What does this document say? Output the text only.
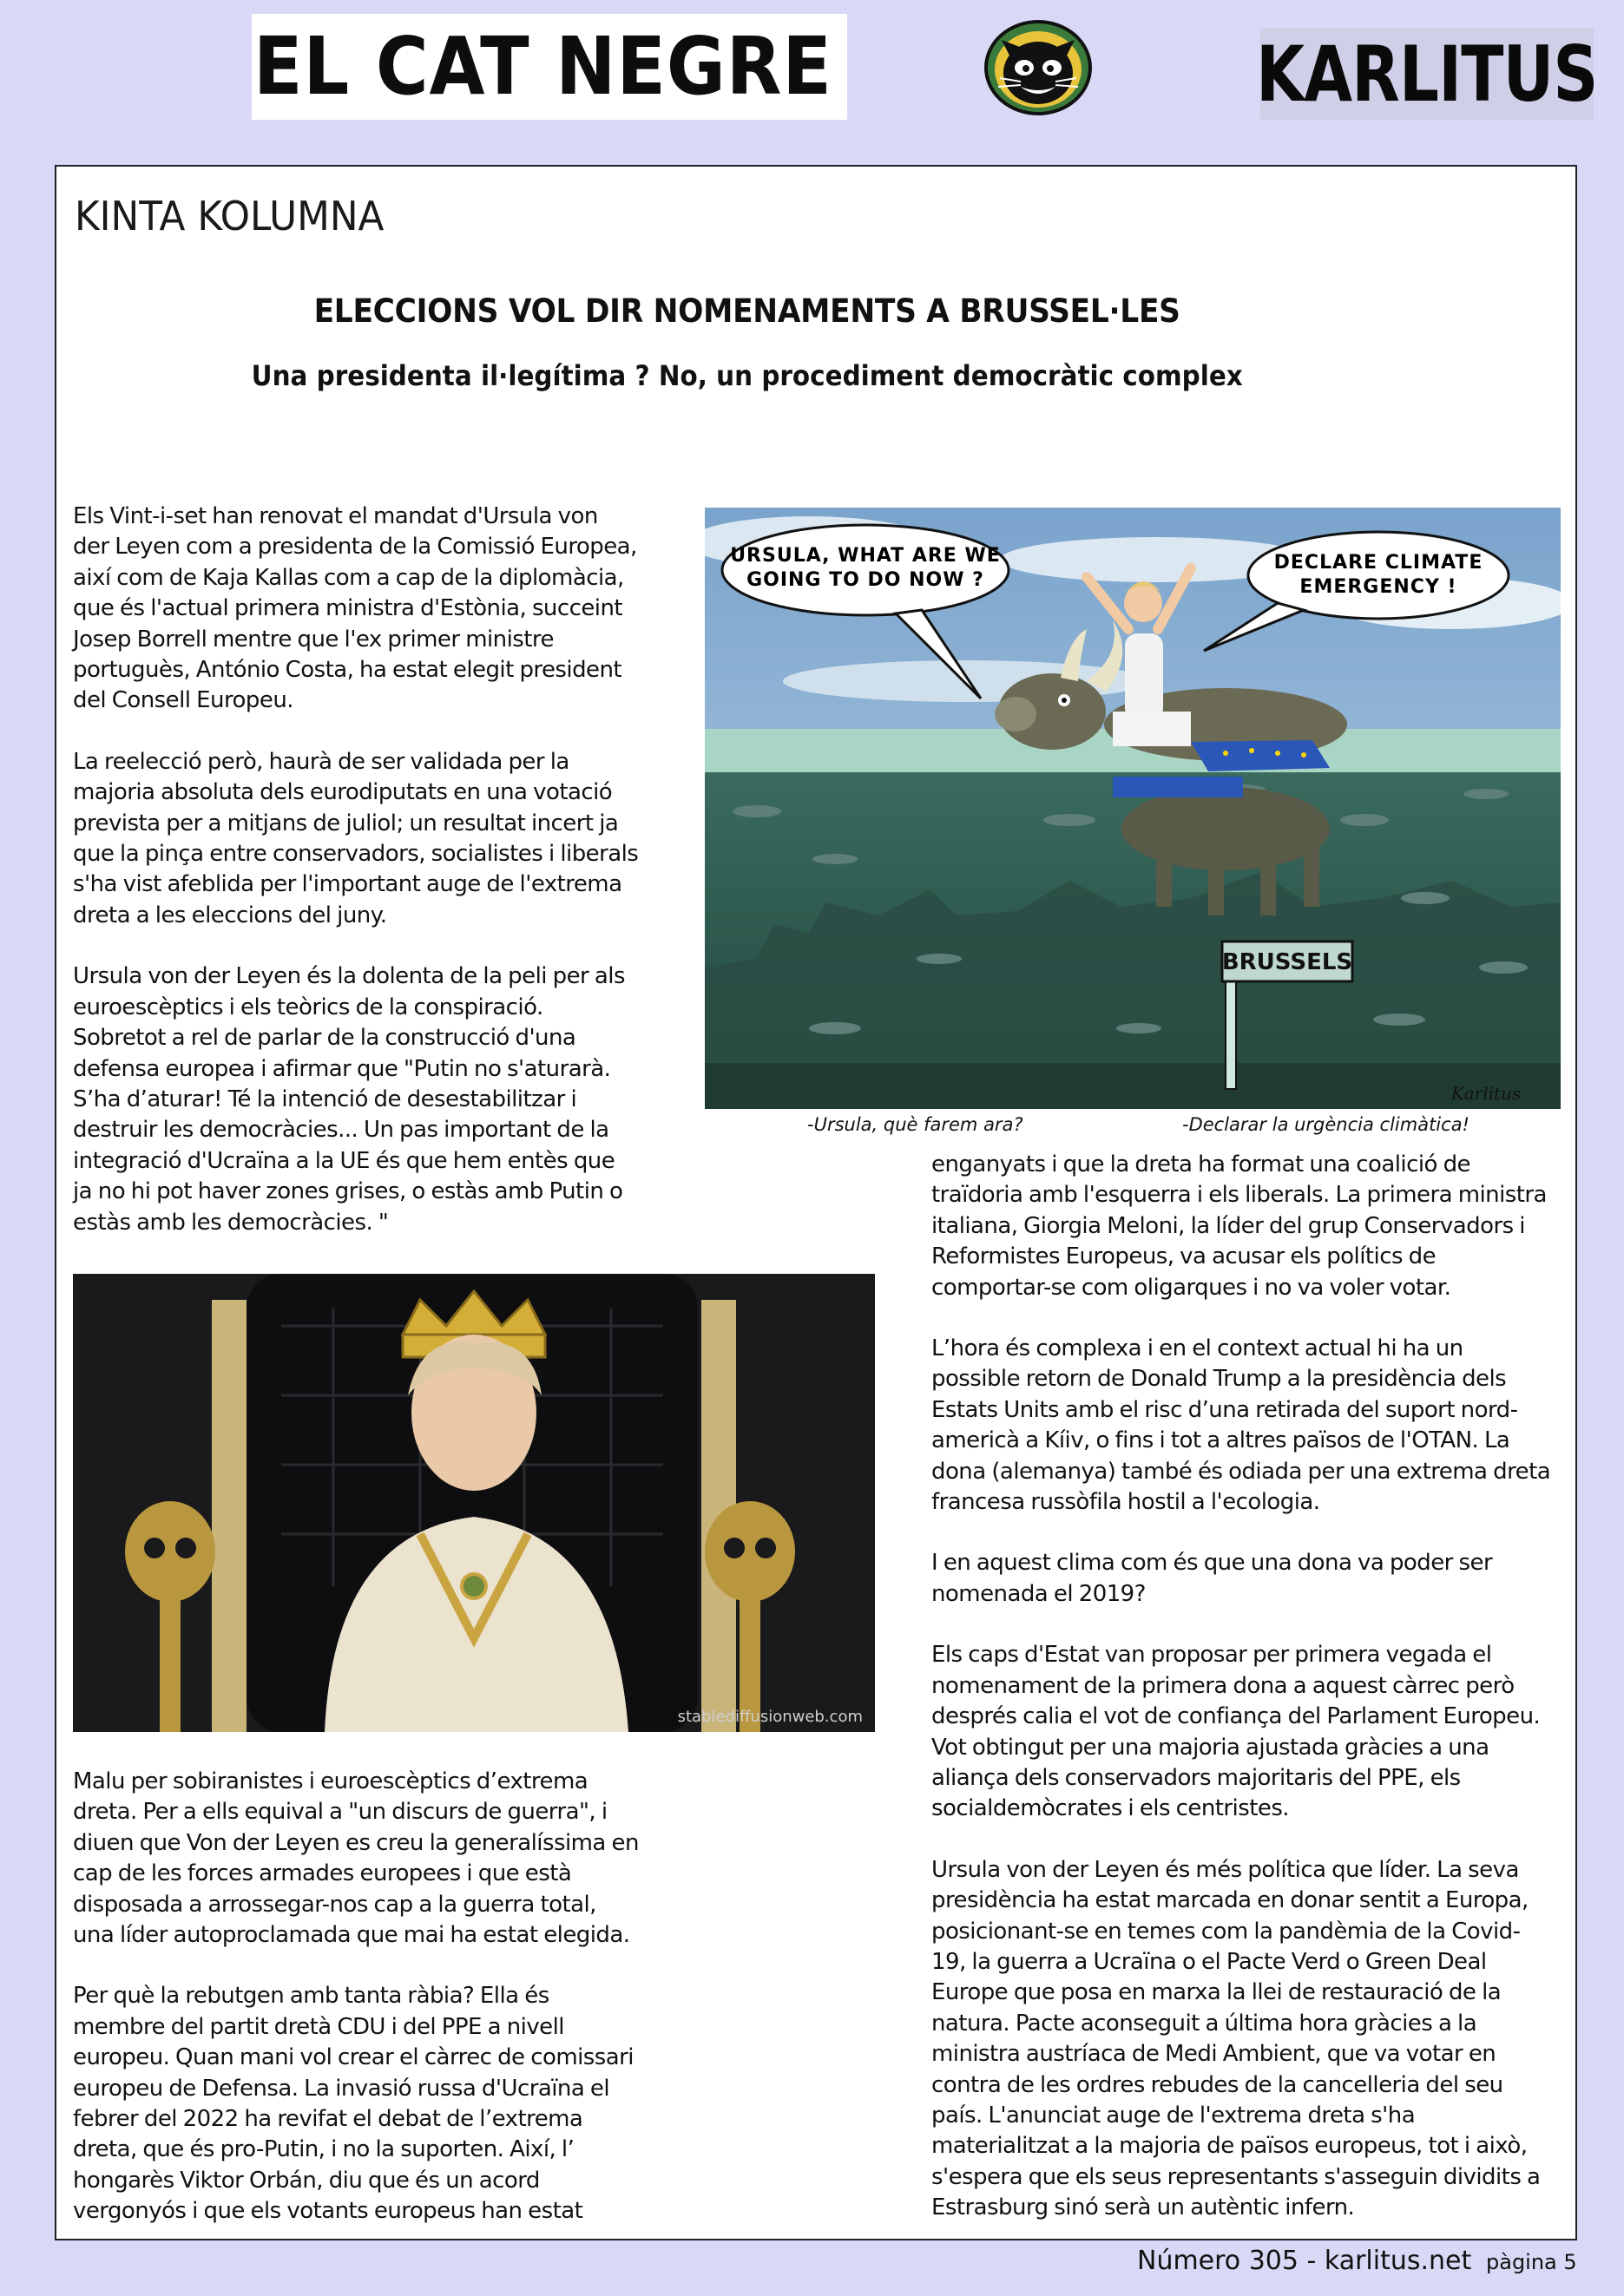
EL CAT NEGRE	KARLITUS
KINTA KOLUMNA
ELECCIONS VOL DIR NOMENAMENTS A BRUSSEL·LES
Una presidenta il·legítima ? No, un procediment democràtic complex

Els Vint-i-set han renovat el mandat d'Ursula von
der Leyen com a presidenta de la Comissió Europea,
així com de Kaja Kallas com a cap de la diplomàcia,
que és l'actual primera ministra d'Estònia, succeint
Josep Borrell mentre que l'ex primer ministre
portuguès, António Costa, ha estat elegit president
del Consell Europeu.

La reelecció però, haurà de ser validada per la
majoria absoluta dels eurodiputats en una votació
prevista per a mitjans de juliol; un resultat incert ja
que la pinça entre conservadors, socialistes i liberals
s'ha vist afeblida per l'important auge de l'extrema
dreta a les eleccions del juny.

Ursula von der Leyen és la dolenta de la peli per als
euroescèptics i els teòrics de la conspiració.
Sobretot a rel de parlar de la construcció d'una
defensa europea i afirmar que "Putin no s'aturarà.
S’ha d’aturar! Té la intenció de desestabilitzar i
destruir les democràcies... Un pas important de la
integració d'Ucraïna a la UE és que hem entès que
ja no hi pot haver zones grises, o estàs amb Putin o
estàs amb les democràcies. "

URSULA, WHAT ARE WE
GOING TO DO NOW ?
DECLARE CLIMATE
EMERGENCY !
BRUSSELS
Karlitus
-Ursula, què farem ara?	-Declarar la urgència climàtica!
stablediffusionweb.com

Malu per sobiranistes i euroescèptics d’extrema
dreta. Per a ells equival a "un discurs de guerra", i
diuen que Von der Leyen es creu la generalíssima en
cap de les forces armades europees i que està
disposada a arrossegar-nos cap a la guerra total,
una líder autoproclamada que mai ha estat elegida.

Per què la rebutgen amb tanta ràbia? Ella és
membre del partit dretà CDU i del PPE a nivell
europeu. Quan mani vol crear el càrrec de comissari
europeu de Defensa. La invasió russa d'Ucraïna el
febrer del 2022 ha revifat el debat de l’extrema
dreta, que és pro-Putin, i no la suporten. Així, l’
hongarès Viktor Orbán, diu que és un acord
vergonyós i que els votants europeus han estat

enganyats i que la dreta ha format una coalició de
traïdoria amb l'esquerra i els liberals. La primera ministra
italiana, Giorgia Meloni, la líder del grup Conservadors i
Reformistes Europeus, va acusar els polítics de
comportar-se com oligarques i no va voler votar.

L’hora és complexa i en el context actual hi ha un
possible retorn de Donald Trump a la presidència dels
Estats Units amb el risc d’una retirada del suport nord-
americà a Kíiv, o fins i tot a altres països de l'OTAN. La
dona (alemanya) també és odiada per una extrema dreta
francesa russòfila hostil a l'ecologia.

I en aquest clima com és que una dona va poder ser
nomenada el 2019?

Els caps d'Estat van proposar per primera vegada el
nomenament de la primera dona a aquest càrrec però
després calia el vot de confiança del Parlament Europeu.
Vot obtingut per una majoria ajustada gràcies a una
aliança dels conservadors majoritaris del PPE, els
socialdemòcrates i els centristes.

Ursula von der Leyen és més política que líder. La seva
presidència ha estat marcada en donar sentit a Europa,
posicionant-se en temes com la pandèmia de la Covid-
19, la guerra a Ucraïna o el Pacte Verd o Green Deal
Europe que posa en marxa la llei de restauració de la
natura. Pacte aconseguit a última hora gràcies a la
ministra austríaca de Medi Ambient, que va votar en
contra de les ordres rebudes de la cancelleria del seu
país. L'anunciat auge de l'extrema dreta s'ha
materialitzat a la majoria de països europeus, tot i això,
s'espera que els seus representants s'asseguin dividits a
Estrasburg sinó serà un autèntic infern.

Número 305 - karlitus.net pàgina 5
